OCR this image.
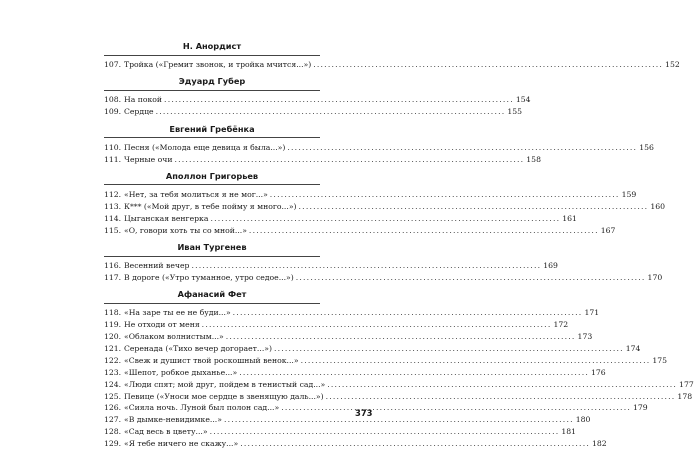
Н. Анордист
107. Тройка («Гремит звонок, и тройка мчится...») .....	152
Эдуард Губер
108. На покой .....	154
109. Сердце .....	155
Евгений Гребёнка
110. Песня («Молода еще девица я была...») .....	156
111. Черные очи .....	158
Аполлон Григорьев
112. «Нет, за тебя молиться я не мог...» .....	159
113. К*** («Мой друг, в тебе пойму я много...») .....	160
114. Цыганская венгерка .....	161
115. «О, говори хоть ты со мной...» .....	167
Иван Тургенев
116. Весенний вечер .....	169
117. В дороге («Утро туманное, утро седое...») .....	170
Афанасий Фет
118. «На заре ты ее не буди...» .....	171
119. Не отходи от меня .....	172
120. «Облаком волнистым...» .....	173
121. Серенада («Тихо вечер догорает...») .....	174
122. «Свеж и душист твой роскошный венок...» .....	175
123. «Шепот, робкое дыханье...» .....	176
124. «Люди спят; мой друг, пойдем в тенистый сад...» .....	177
125. Певице («Уноси мое сердце в звенящую даль...») .....	178
126. «Сияла ночь. Луной был полон сад...» .....	179
127. «В дымке-невидимке...» .....	180
128. «Сад весь в цвету...» .....	181
129. «Я тебе ничего не скажу...» .....	182
373
